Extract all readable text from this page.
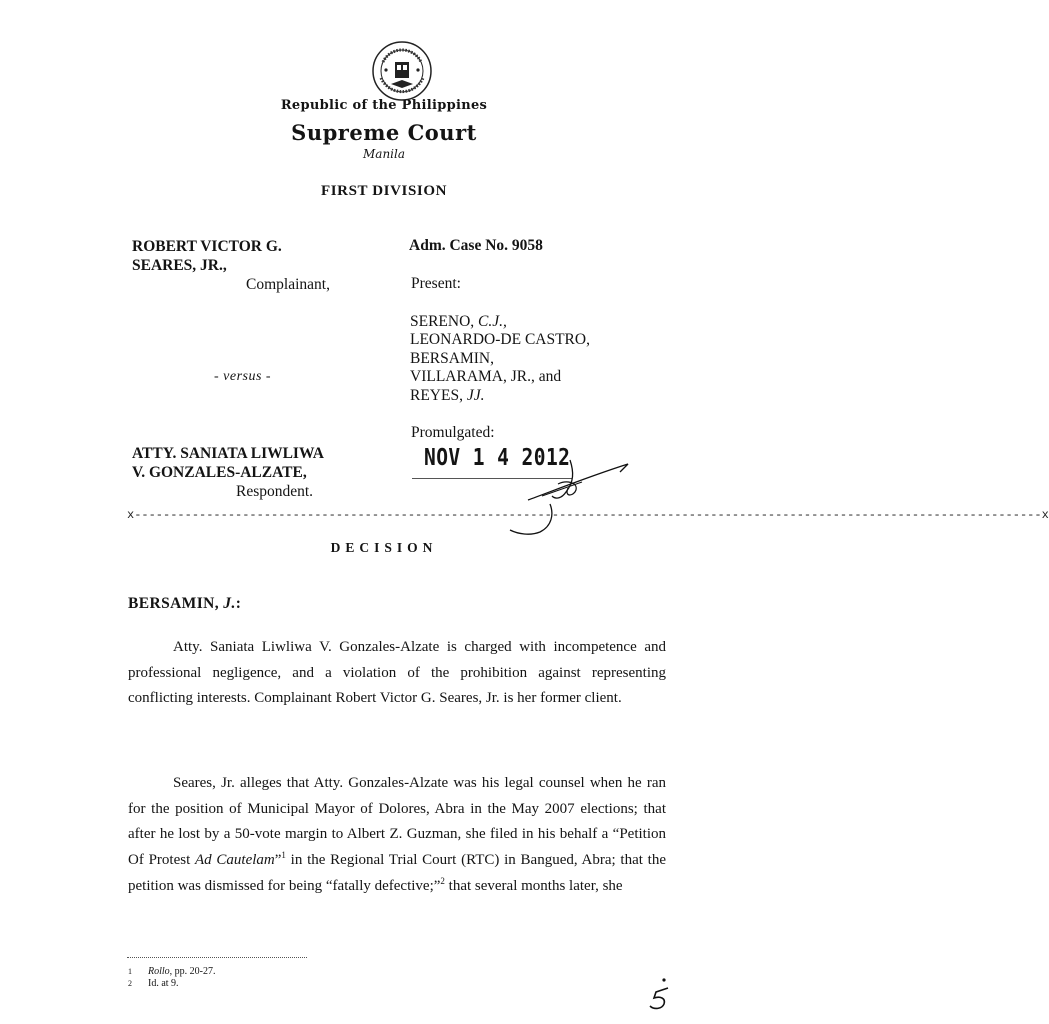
Republic of the Philippines
Supreme Court
Manila
FIRST DIVISION
ROBERT VICTOR G.
SEARES, JR.,
Complainant,
- versus -
ATTY. SANIATA LIWLIWA
V. GONZALES-ALZATE,
Respondent.
Adm. Case No. 9058
Present:
SERENO, C.J.,
LEONARDO-DE CASTRO,
BERSAMIN,
VILLARAMA, JR., and
REYES, JJ.
Promulgated:
NOV 1 4 2012
x------------------------------------------------------------------------------------------------------------------------------x
DECISION
BERSAMIN, J.:
Atty. Saniata Liwliwa V. Gonzales-Alzate is charged with incompetence and professional negligence, and a violation of the prohibition against representing conflicting interests. Complainant Robert Victor G. Seares, Jr. is her former client.
Seares, Jr. alleges that Atty. Gonzales-Alzate was his legal counsel when he ran for the position of Municipal Mayor of Dolores, Abra in the May 2007 elections; that after he lost by a 50-vote margin to Albert Z. Guzman, she filed in his behalf a “Petition Of Protest Ad Cautelam”$^1$ in the Regional Trial Court (RTC) in Bangued, Abra; that the petition was dismissed for being “fatally defective;”$^2$ that several months later, she
1 Rollo, pp. 20-27.
2 Id. at 9.
